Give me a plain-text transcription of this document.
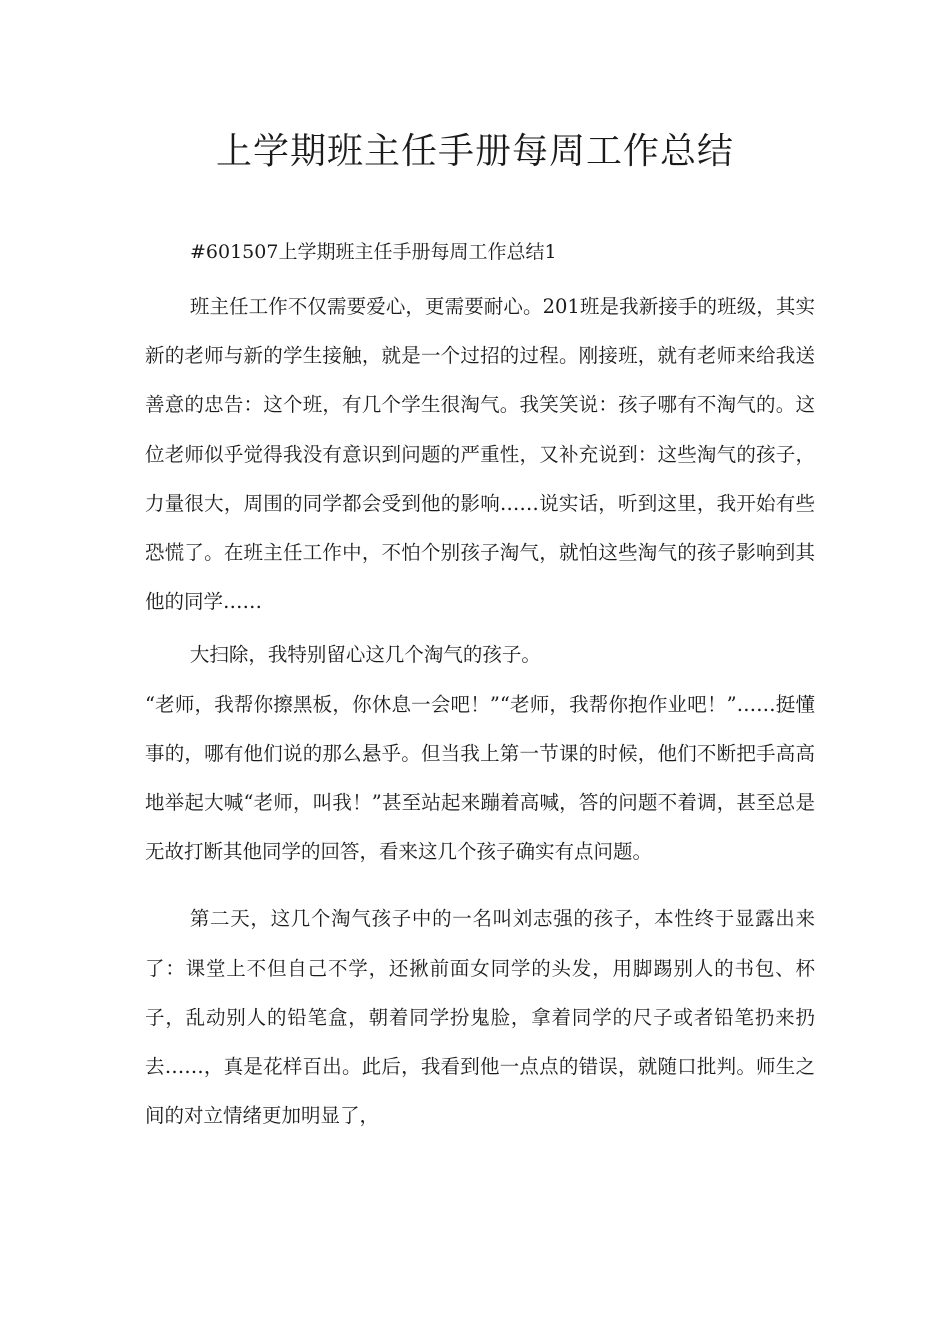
上学期班主任手册每周工作总结

#601507上学期班主任手册每周工作总结1

班主任工作不仅需要爱心，更需要耐心。201班是我新接手的班级，其实新的老师与新的学生接触，就是一个过招的过程。刚接班，就有老师来给我送善意的忠告：这个班，有几个学生很淘气。我笑笑说：孩子哪有不淘气的。这位老师似乎觉得我没有意识到问题的严重性，又补充说到：这些淘气的孩子，力量很大，周围的同学都会受到他的影响……说实话，听到这里，我开始有些恐慌了。在班主任工作中，不怕个别孩子淘气，就怕这些淘气的孩子影响到其他的同学……

大扫除，我特别留心这几个淘气的孩子。

“老师，我帮你擦黑板，你休息一会吧！”“老师，我帮你抱作业吧！”……挺懂事的，哪有他们说的那么悬乎。但当我上第一节课的时候，他们不断把手高高地举起大喊“老师，叫我！”甚至站起来蹦着高喊，答的问题不着调，甚至总是无故打断其他同学的回答，看来这几个孩子确实有点问题。

第二天，这几个淘气孩子中的一名叫刘志强的孩子，本性终于显露出来了：课堂上不但自己不学，还揪前面女同学的头发，用脚踢别人的书包、杯子，乱动别人的铅笔盒，朝着同学扮鬼脸，拿着同学的尺子或者铅笔扔来扔去……，真是花样百出。此后，我看到他一点点的错误，就随口批判。师生之间的对立情绪更加明显了，
